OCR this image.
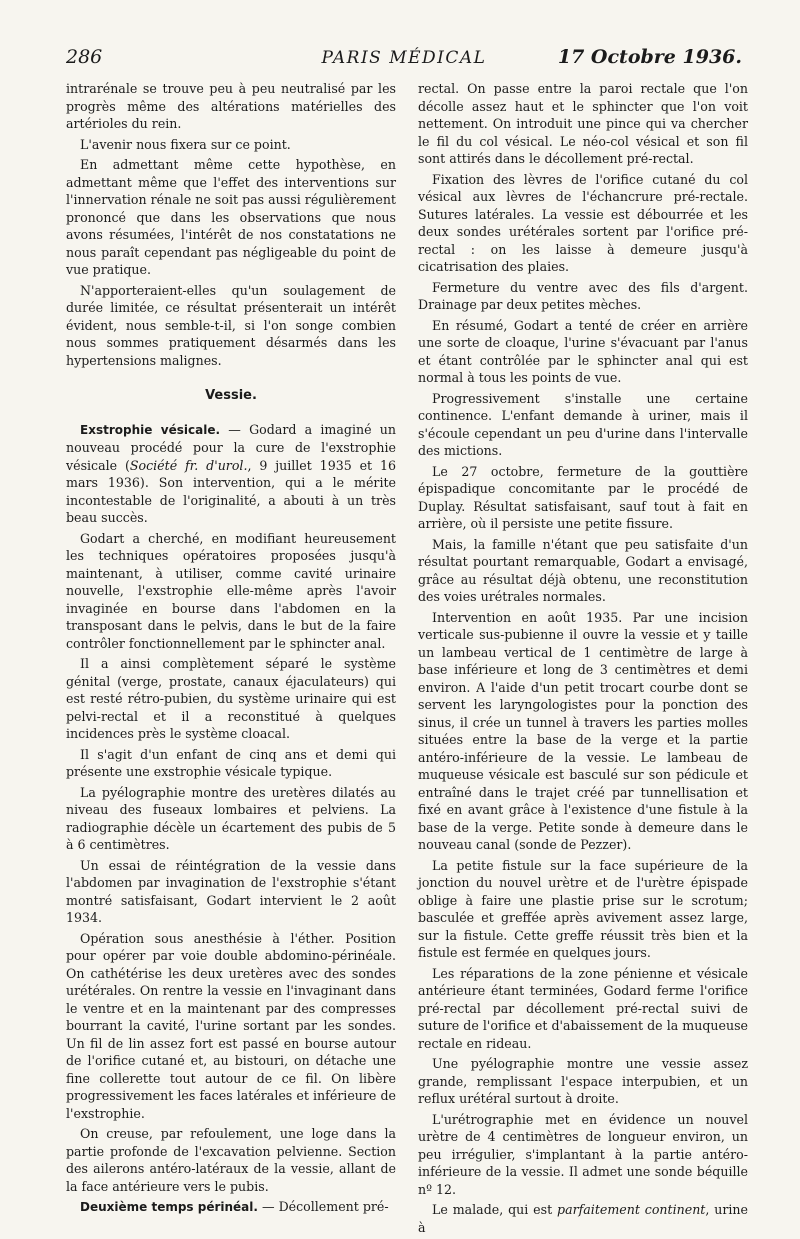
286	PARIS MÉDICAL	17 Octobre 1936.

intrarénale se trouve peu à peu neutralisé par les progrès même des altérations matérielles des artérioles du rein.

L'avenir nous fixera sur ce point.

En admettant même cette hypothèse, en admettant même que l'effet des interventions sur l'innervation rénale ne soit pas aussi régulièrement prononcé que dans les observations que nous avons résumées, l'intérêt de nos constatations ne nous paraît cependant pas négligeable du point de vue pratique.

N'apporteraient-elles qu'un soulagement de durée limitée, ce résultat présenterait un intérêt évident, nous semble-t-il, si l'on songe combien nous sommes pratiquement désarmés dans les hypertensions malignes.

Vessie.

Exstrophie vésicale. — Godard a imaginé un nouveau procédé pour la cure de l'exstrophie vésicale (Société fr. d'urol., 9 juillet 1935 et 16 mars 1936). Son intervention, qui a le mérite incontestable de l'originalité, a abouti à un très beau succès.

Godart a cherché, en modifiant heureusement les techniques opératoires proposées jusqu'à maintenant, à utiliser, comme cavité urinaire nouvelle, l'exstrophie elle-même après l'avoir invaginée en bourse dans l'abdomen en la transposant dans le pelvis, dans le but de la faire contrôler fonctionnellement par le sphincter anal.

Il a ainsi complètement séparé le système génital (verge, prostate, canaux éjaculateurs) qui est resté rétro-pubien, du système urinaire qui est pelvi-rectal et il a reconstitué à quelques incidences près le système cloacal.

Il s'agit d'un enfant de cinq ans et demi qui présente une exstrophie vésicale typique.

La pyélographie montre des uretères dilatés au niveau des fuseaux lombaires et pelviens. La radiographie décèle un écartement des pubis de 5 à 6 centimètres.

Un essai de réintégration de la vessie dans l'abdomen par invagination de l'exstrophie s'étant montré satisfaisant, Godart intervient le 2 août 1934.

Opération sous anesthésie à l'éther. Position pour opérer par voie double abdomino-périnéale. On cathétérise les deux uretères avec des sondes urétérales. On rentre la vessie en l'invaginant dans le ventre et en la maintenant par des compresses bourrant la cavité, l'urine sortant par les sondes. Un fil de lin assez fort est passé en bourse autour de l'orifice cutané et, au bistouri, on détache une fine collerette tout autour de ce fil. On libère progressivement les faces latérales et inférieure de l'exstrophie.

On creuse, par refoulement, une loge dans la partie profonde de l'excavation pelvienne. Section des ailerons antéro-latéraux de la vessie, allant de la face antérieure vers le pubis.

Deuxième temps périnéal. — Décollement pré-

rectal. On passe entre la paroi rectale que l'on décolle assez haut et le sphincter que l'on voit nettement. On introduit une pince qui va chercher le fil du col vésical. Le néo-col vésical et son fil sont attirés dans le décollement pré-rectal.

Fixation des lèvres de l'orifice cutané du col vésical aux lèvres de l'échancrure pré-rectale. Sutures latérales. La vessie est débourrée et les deux sondes urétérales sortent par l'orifice pré-rectal : on les laisse à demeure jusqu'à cicatrisation des plaies.

Fermeture du ventre avec des fils d'argent. Drainage par deux petites mèches.

En résumé, Godart a tenté de créer en arrière une sorte de cloaque, l'urine s'évacuant par l'anus et étant contrôlée par le sphincter anal qui est normal à tous les points de vue.

Progressivement s'installe une certaine continence. L'enfant demande à uriner, mais il s'écoule cependant un peu d'urine dans l'intervalle des mictions.

Le 27 octobre, fermeture de la gouttière épispadique concomitante par le procédé de Duplay. Résultat satisfaisant, sauf tout à fait en arrière, où il persiste une petite fissure.

Mais, la famille n'étant que peu satisfaite d'un résultat pourtant remarquable, Godart a envisagé, grâce au résultat déjà obtenu, une reconstitution des voies urétrales normales.

Intervention en août 1935. Par une incision verticale sus-pubienne il ouvre la vessie et y taille un lambeau vertical de 1 centimètre de large à base inférieure et long de 3 centimètres et demi environ. A l'aide d'un petit trocart courbe dont se servent les laryngologistes pour la ponction des sinus, il crée un tunnel à travers les parties molles situées entre la base de la verge et la partie antéro-inférieure de la vessie. Le lambeau de muqueuse vésicale est basculé sur son pédicule et entraîné dans le trajet créé par tunnellisation et fixé en avant grâce à l'existence d'une fistule à la base de la verge. Petite sonde à demeure dans le nouveau canal (sonde de Pezzer).

La petite fistule sur la face supérieure de la jonction du nouvel urètre et de l'urètre épispade oblige à faire une plastie prise sur le scrotum; basculée et greffée après avivement assez large, sur la fistule. Cette greffe réussit très bien et la fistule est fermée en quelques jours.

Les réparations de la zone pénienne et vésicale antérieure étant terminées, Godard ferme l'orifice pré-rectal par décollement pré-rectal suivi de suture de l'orifice et d'abaissement de la muqueuse rectale en rideau.

Une pyélographie montre une vessie assez grande, remplissant l'espace interpubien, et un reflux urétéral surtout à droite.

L'urétrographie met en évidence un nouvel urètre de 4 centimètres de longueur environ, un peu irrégulier, s'implantant à la partie antéro-inférieure de la vessie. Il admet une sonde béquille nº 12.

Le malade, qui est parfaitement continent, urine à
